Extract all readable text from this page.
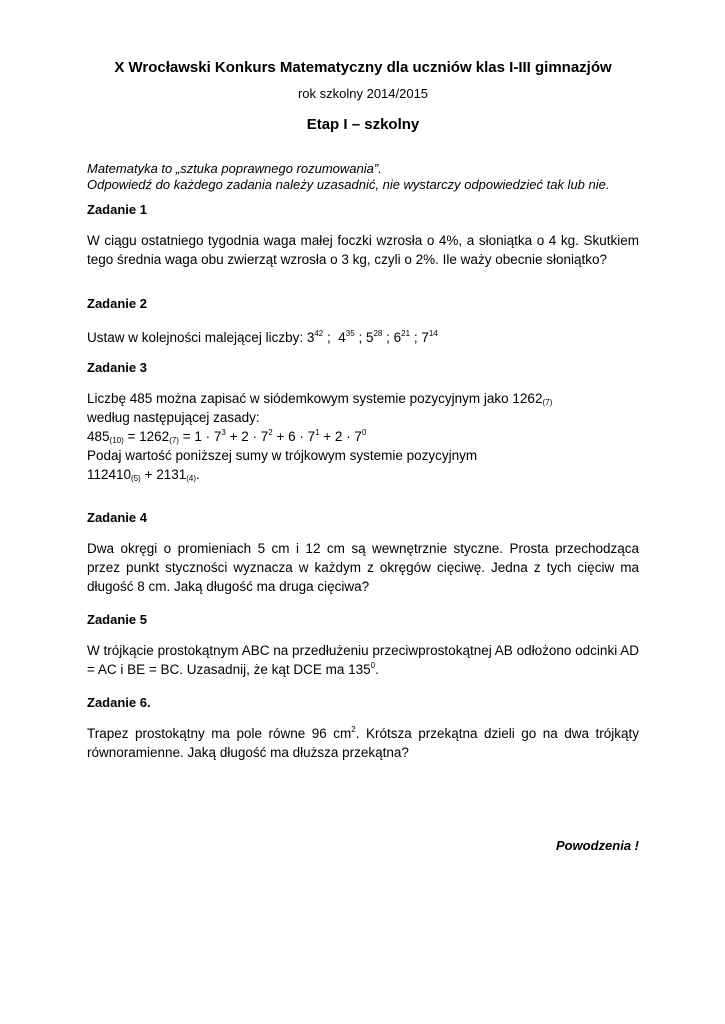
X Wrocławski Konkurs Matematyczny dla uczniów klas I-III gimnazjów
rok szkolny 2014/2015
Etap I – szkolny
Matematyka to „sztuka poprawnego rozumowania”.
Odpowiedź do każdego zadania należy uzasadnić, nie wystarczy odpowiedzieć tak lub nie.
Zadanie 1
W ciągu ostatniego tygodnia waga małej foczki wzrosła o 4%, a słoniątka o 4 kg. Skutkiem tego średnia waga obu zwierząt wzrosła o 3 kg, czyli o 2%. Ile waży obecnie słoniątko?
Zadanie 2
Ustaw w kolejności malejącej liczby: $3^{42}$ ;  $4^{35}$ ; $5^{28}$ ; $6^{21}$ ; $7^{14}$
Zadanie 3
Liczbę 485 można zapisać w siódemkowym systemie pozycyjnym jako $1262_{(7)}$
według następującej zasady:
$485_{(10)} = 1262_{(7)} = 1 \cdot 7^3 + 2 \cdot 7^2 + 6 \cdot 7^1 + 2 \cdot 7^0$
Podaj wartość poniższej sumy w trójkowym systemie pozycyjnym
$112410_{(5)} + 2131_{(4)}$.
Zadanie 4
Dwa okręgi o promieniach 5 cm i 12 cm są wewnętrznie styczne. Prosta przechodząca przez punkt styczności wyznacza w każdym z okręgów cięciwę. Jedna z tych cięciw ma długość 8 cm. Jaką długość ma druga cięciwa?
Zadanie 5
W trójkącie prostokątnym ABC na przedłużeniu przeciwprostokątnej AB odłożono odcinki AD = AC i BE = BC. Uzasadnij, że kąt DCE ma $135^0$.
Zadanie 6.
Trapez prostokątny ma pole równe 96 $cm^2$. Krótsza przekątna dzieli go na dwa trójkąty równoramienne. Jaką długość ma dłuższa przekątna?
Powodzenia !
